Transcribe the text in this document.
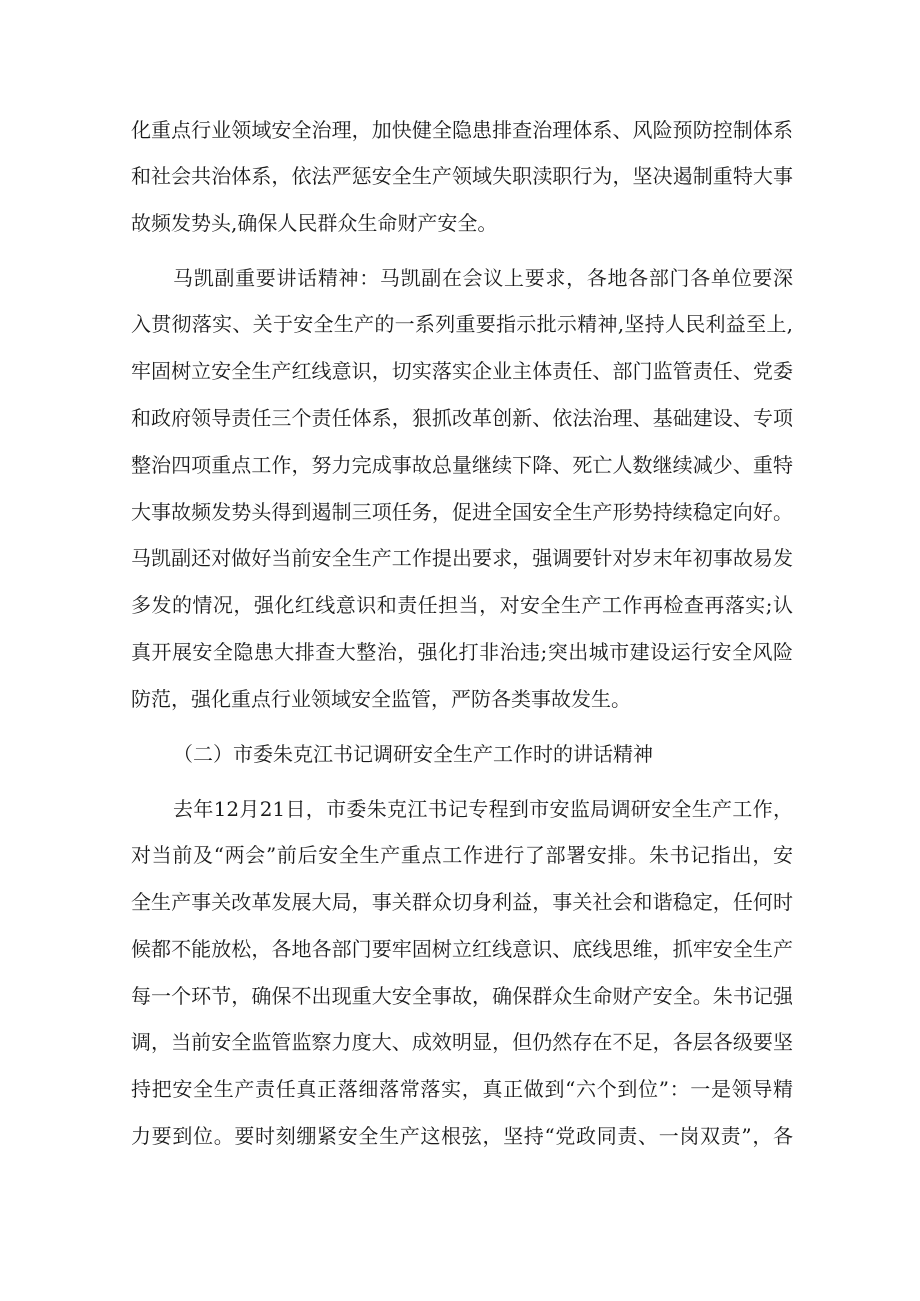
化重点行业领域安全治理，加快健全隐患排查治理体系、风险预防控制体系
和社会共治体系，依法严惩安全生产领域失职渎职行为，坚决遏制重特大事
故频发势头,确保人民群众生命财产安全。
马凯副重要讲话精神：马凯副在会议上要求，各地各部门各单位要深
入贯彻落实、关于安全生产的一系列重要指示批示精神,坚持人民利益至上,
牢固树立安全生产红线意识，切实落实企业主体责任、部门监管责任、党委
和政府领导责任三个责任体系，狠抓改革创新、依法治理、基础建设、专项
整治四项重点工作，努力完成事故总量继续下降、死亡人数继续减少、重特
大事故频发势头得到遏制三项任务，促进全国安全生产形势持续稳定向好。
马凯副还对做好当前安全生产工作提出要求，强调要针对岁末年初事故易发
多发的情况，强化红线意识和责任担当，对安全生产工作再检查再落实;认
真开展安全隐患大排查大整治，强化打非治违;突出城市建设运行安全风险
防范，强化重点行业领域安全监管，严防各类事故发生。
（二）市委朱克江书记调研安全生产工作时的讲话精神
去年12月21日，市委朱克江书记专程到市安监局调研安全生产工作，
对当前及“两会”前后安全生产重点工作进行了部署安排。朱书记指出，安
全生产事关改革发展大局，事关群众切身利益，事关社会和谐稳定，任何时
候都不能放松，各地各部门要牢固树立红线意识、底线思维，抓牢安全生产
每一个环节，确保不出现重大安全事故，确保群众生命财产安全。朱书记强
调，当前安全监管监察力度大、成效明显，但仍然存在不足，各层各级要坚
持把安全生产责任真正落细落常落实，真正做到“六个到位”：一是领导精
力要到位。要时刻绷紧安全生产这根弦，坚持“党政同责、一岗双责”，各
